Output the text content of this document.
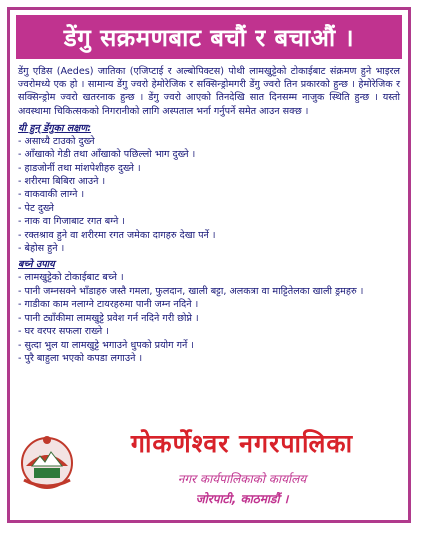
डेंगु सक्रमणबाट बचौं र बचाऔं ।

डेंगु एडिस (Aedes) जातिका (एजिप्टाई र अल्बोपिक्टस) पोथी लामखुट्टेको टोकाईबाट संक्रमण हुने भाइरल ज्वरोमध्ये एक हो । सामान्य डेंगु ज्वरो हेमोरेजिक र सक्सिन्ड्रोमगरी डेंगु ज्वरो तिन प्रकारको हुन्छ । हेमोरेजिक र सक्सिन्ड्रोम ज्वरो खतरनाक हुन्छ । डेंगु ज्वरो आएको तिनदेखि सात दिनसम्म नाजुक स्थिति हुन्छ । यस्तो अवस्थामा चिकित्सकको निगरानीको लागि अस्पताल भर्ना गर्नुपर्ने समेत आउन सक्छ ।

यी हुन् डेंगुका लक्षण:
- असाध्यै टाउको दुख्ने
- आँखाको गेडी तथा आँखाको पछिल्लो भाग दुख्ने ।
- हाडजोर्नी तथा मांशपेशीहरु दुख्ने ।
- शरीरमा बिबिरा आउने ।
- वाकवाकी लाग्ने ।
- पेट दुख्ने
- नाक वा गिजाबाट रगत बग्ने ।
- रक्तश्राव हुने वा शरीरमा रगत जमेका दागहरु देखा पर्ने ।
- बेहोस हुने ।
बच्ने उपाय
- लामखुट्टेको टोकाईबाट बच्ने ।
- पानी जम्नसक्ने भाँडाहरु जस्तै गमला, फुलदान, खाली बट्टा, अलकत्रा वा माट्टितेलका खाली ड्रमहरु ।
- गाडीका काम नलाग्ने टायरहरुमा पानी जम्न नदिने ।
- पानी ट्याँकीमा लामखुट्टे प्रवेश गर्न नदिने गरी छोप्ने ।
- घर वरपर सफला राख्ने ।
- सुत्दा भुल या लामखुट्टे भगाउने धुपको प्रयोग गर्ने ।
- पुरै बाहुला भएको कपडा लगाउने ।
गोकर्णेश्वर नगरपालिका
नगर कार्यपालिकाको कार्यालय
जोरपाटी, काठमाडौं ।
